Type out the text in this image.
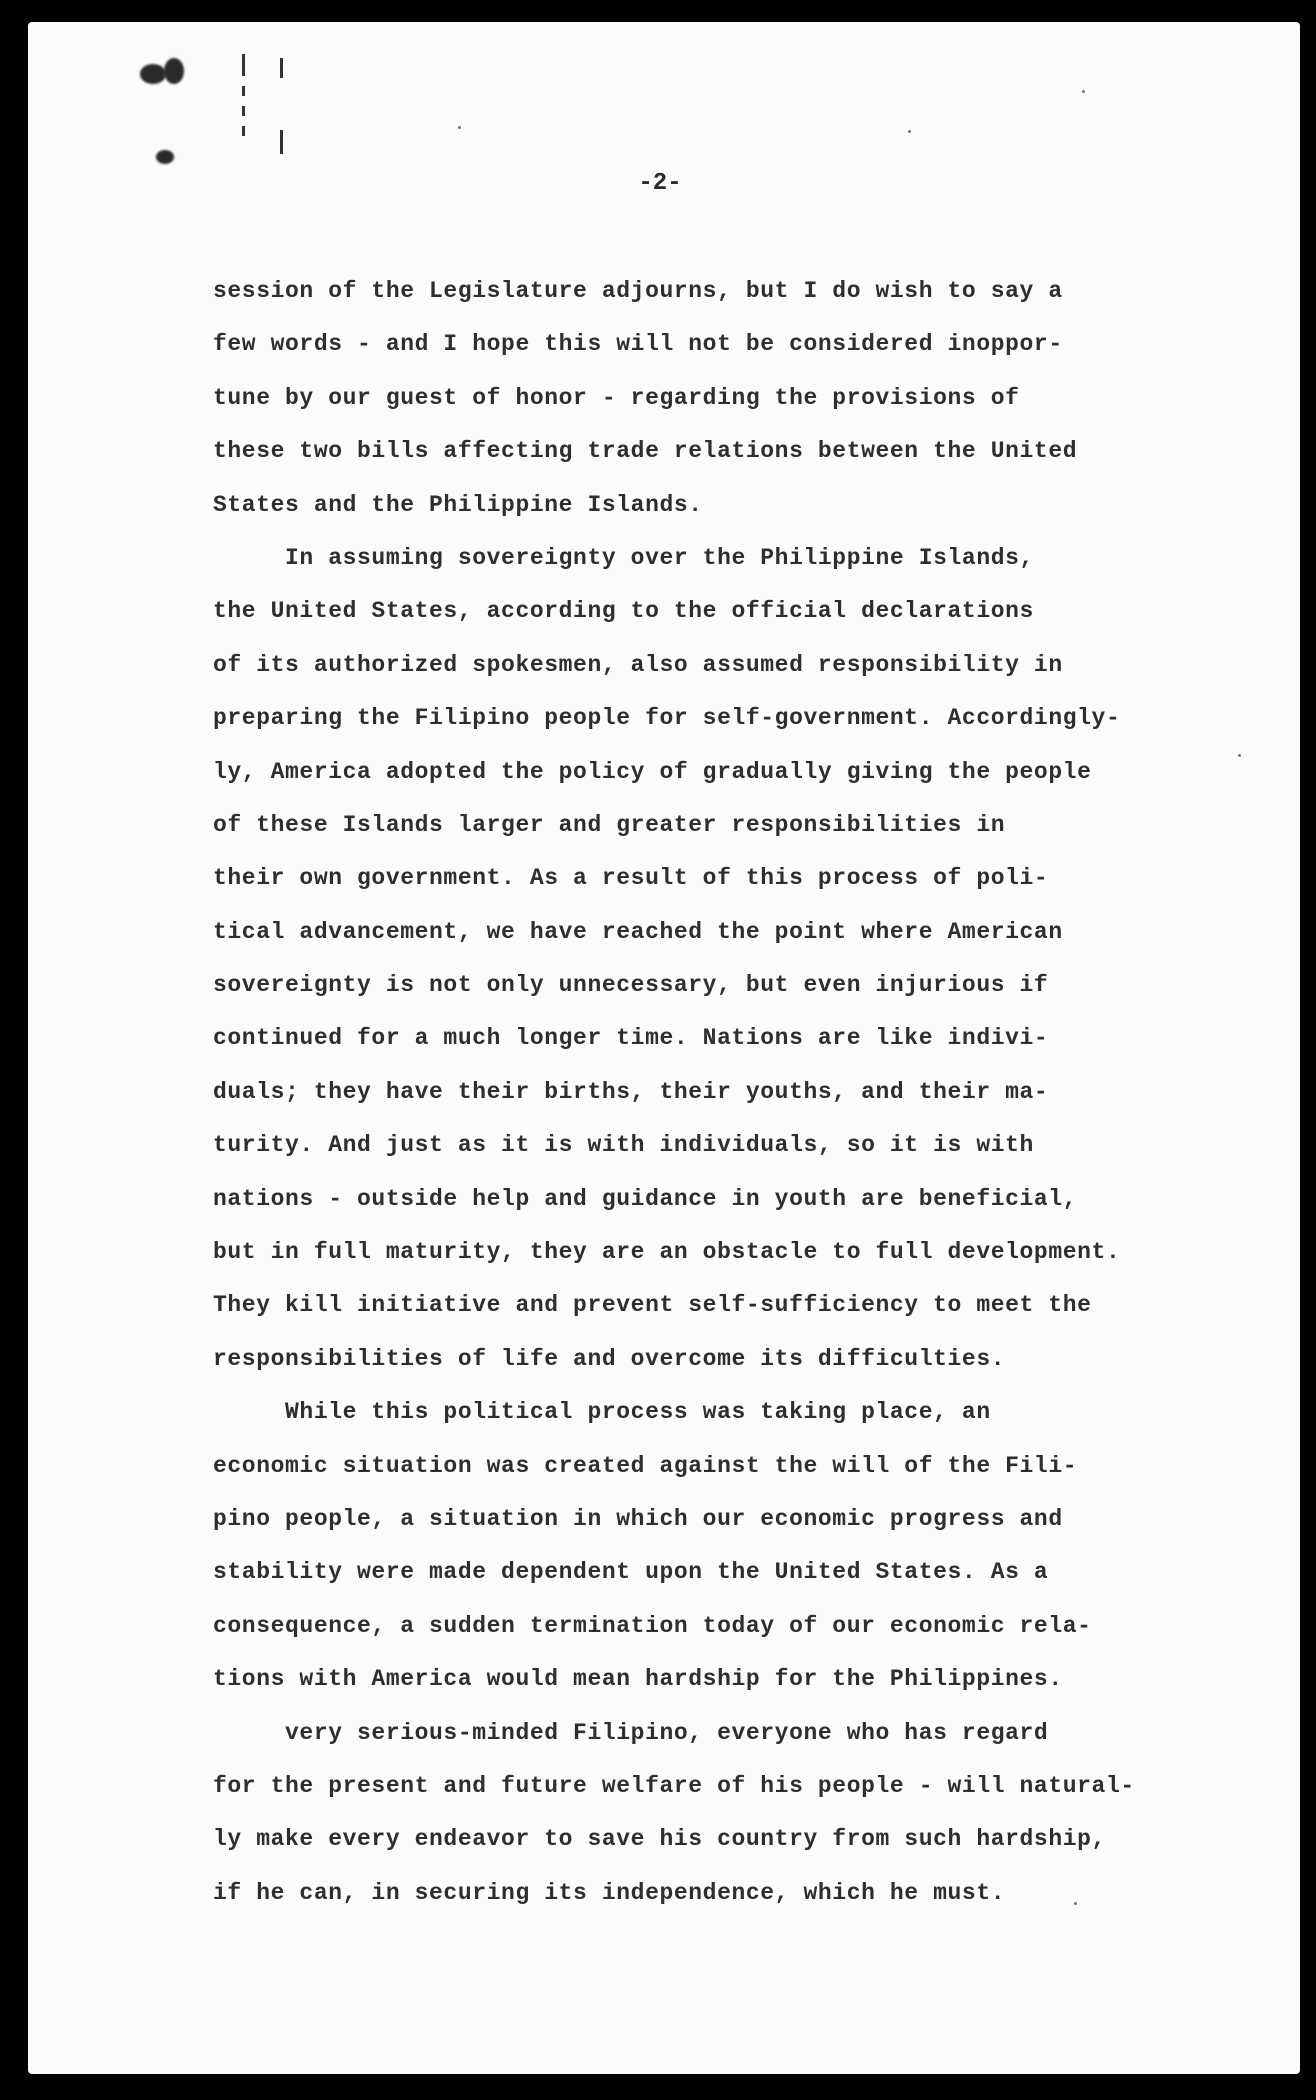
-2-

session of the Legislature adjourns, but I do wish to say a

few words - and I hope this will not be considered inoppor-

tune by our guest of honor - regarding the provisions of

these two bills affecting trade relations between the United

States and the Philippine Islands.

In assuming sovereignty over the Philippine Islands,

the United States, according to the official declarations

of its authorized spokesmen, also assumed responsibility in

preparing the Filipino people for self-government. Accordingly-

ly, America adopted the policy of gradually giving the people

of these Islands larger and greater responsibilities in

their own government. As a result of this process of poli-

tical advancement, we have reached the point where American

sovereignty is not only unnecessary, but even injurious if

continued for a much longer time. Nations are like indivi-

duals; they have their births, their youths, and their ma-

turity. And just as it is with individuals, so it is with

nations - outside help and guidance in youth are beneficial,

but in full maturity, they are an obstacle to full development.

They kill initiative and prevent self-sufficiency to meet the

responsibilities of life and overcome its difficulties.

While this political process was taking place, an

economic situation was created against the will of the Fili-

pino people, a situation in which our economic progress and

stability were made dependent upon the United States. As a

consequence, a sudden termination today of our economic rela-

tions with America would mean hardship for the Philippines.

very serious-minded Filipino, everyone who has regard

for the present and future welfare of his people - will natural-

ly make every endeavor to save his country from such hardship,

if he can, in securing its independence, which he must.
